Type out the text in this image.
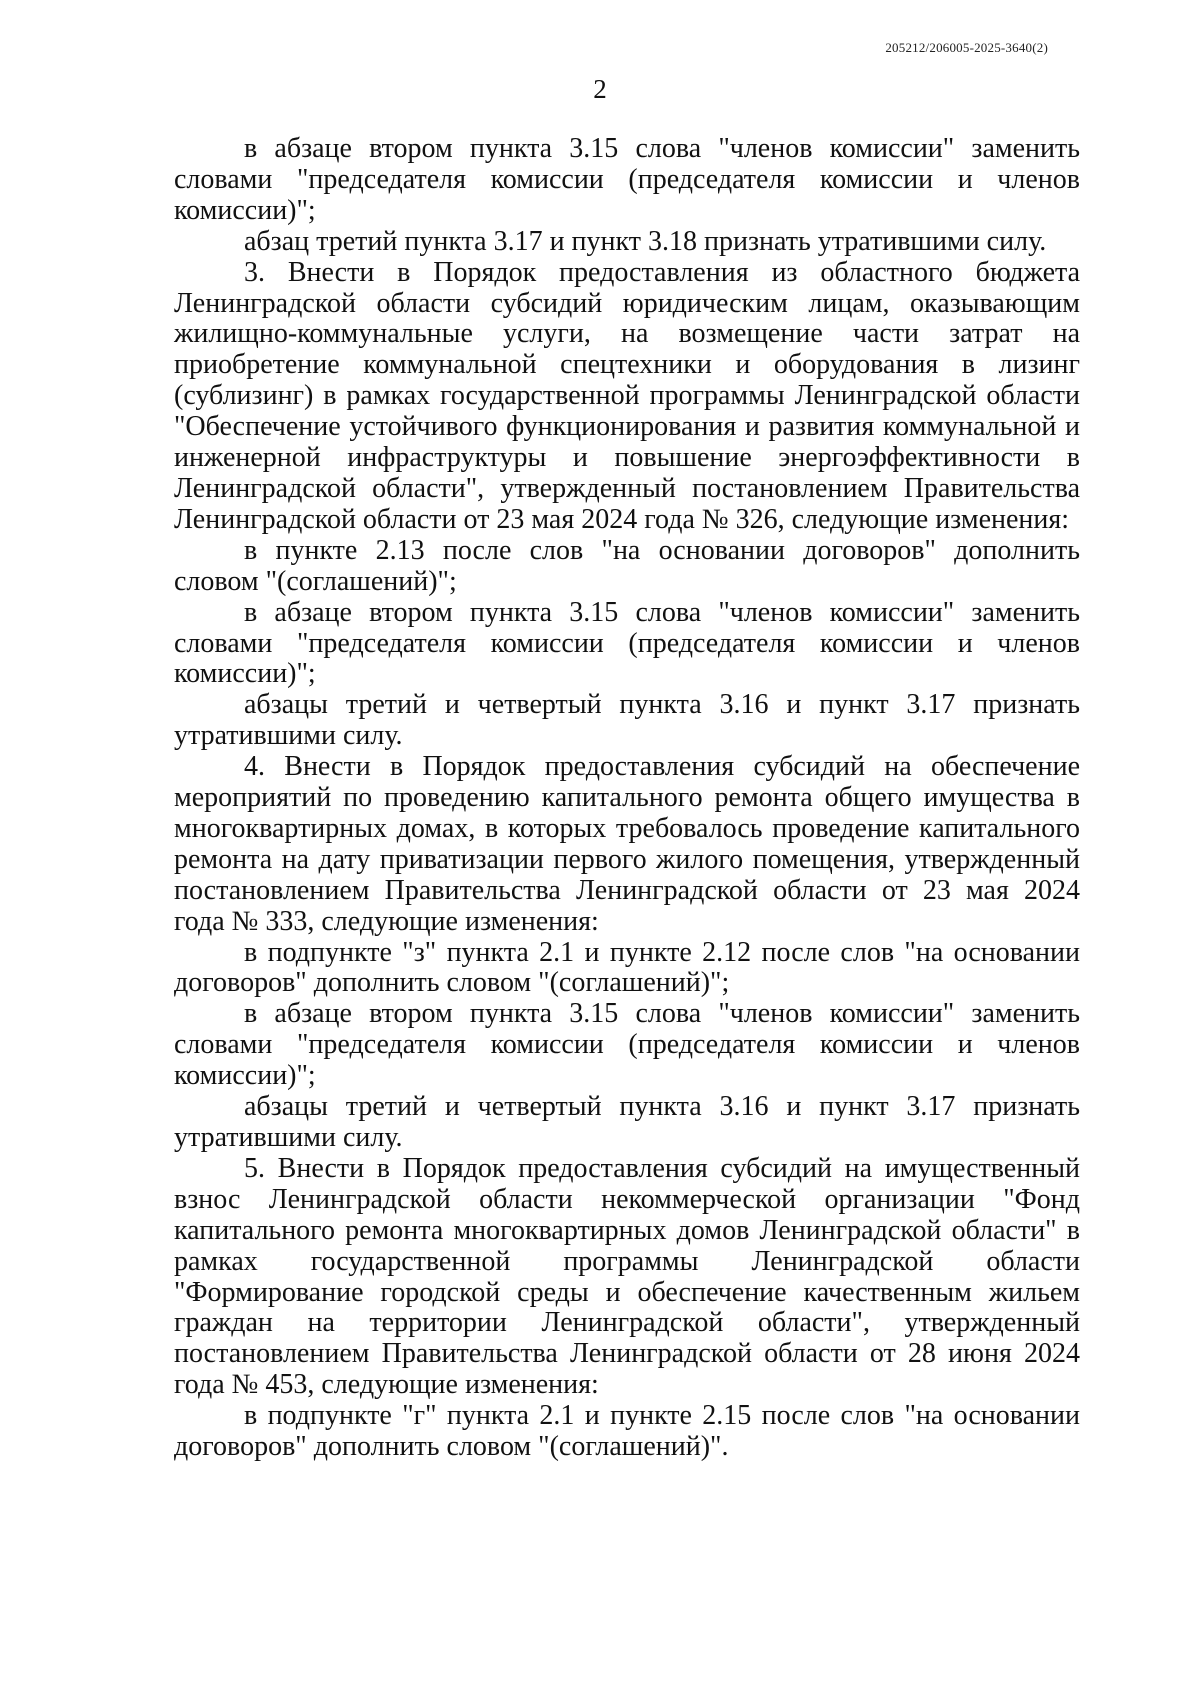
205212/206005-2025-3640(2)
2

в абзаце втором пункта 3.15 слова "членов комиссии" заменить словами "председателя комиссии (председателя комиссии и членов комиссии)";

абзац третий пункта 3.17 и пункт 3.18 признать утратившими силу.

3. Внести в Порядок предоставления из областного бюджета Ленинградской области субсидий юридическим лицам, оказывающим жилищно-коммунальные услуги, на возмещение части затрат на приобретение коммунальной спецтехники и оборудования в лизинг (сублизинг) в рамках государственной программы Ленинградской области "Обеспечение устойчивого функционирования и развития коммунальной и инженерной инфраструктуры и повышение энергоэффективности в Ленинградской области", утвержденный постановлением Правительства Ленинградской области от 23 мая 2024 года № 326, следующие изменения:

в пункте 2.13 после слов "на основании договоров" дополнить словом "(соглашений)";

в абзаце втором пункта 3.15 слова "членов комиссии" заменить словами "председателя комиссии (председателя комиссии и членов комиссии)";

абзацы третий и четвертый пункта 3.16 и пункт 3.17 признать утратившими силу.

4. Внести в Порядок предоставления субсидий на обеспечение мероприятий по проведению капитального ремонта общего имущества в многоквартирных домах, в которых требовалось проведение капитального ремонта на дату приватизации первого жилого помещения, утвержденный постановлением Правительства Ленинградской области от 23 мая 2024 года № 333, следующие изменения:

в подпункте "з" пункта 2.1 и пункте 2.12 после слов "на основании договоров" дополнить словом "(соглашений)";

в абзаце втором пункта 3.15 слова "членов комиссии" заменить словами "председателя комиссии (председателя комиссии и членов комиссии)";

абзацы третий и четвертый пункта 3.16 и пункт 3.17 признать утратившими силу.

5. Внести в Порядок предоставления субсидий на имущественный взнос Ленинградской области некоммерческой организации "Фонд капитального ремонта многоквартирных домов Ленинградской области" в рамках государственной программы Ленинградской области "Формирование городской среды и обеспечение качественным жильем граждан на территории Ленинградской области", утвержденный постановлением Правительства Ленинградской области от 28 июня 2024 года № 453, следующие изменения:

в подпункте "г" пункта 2.1 и пункте 2.15 после слов "на основании договоров" дополнить словом "(соглашений)".
